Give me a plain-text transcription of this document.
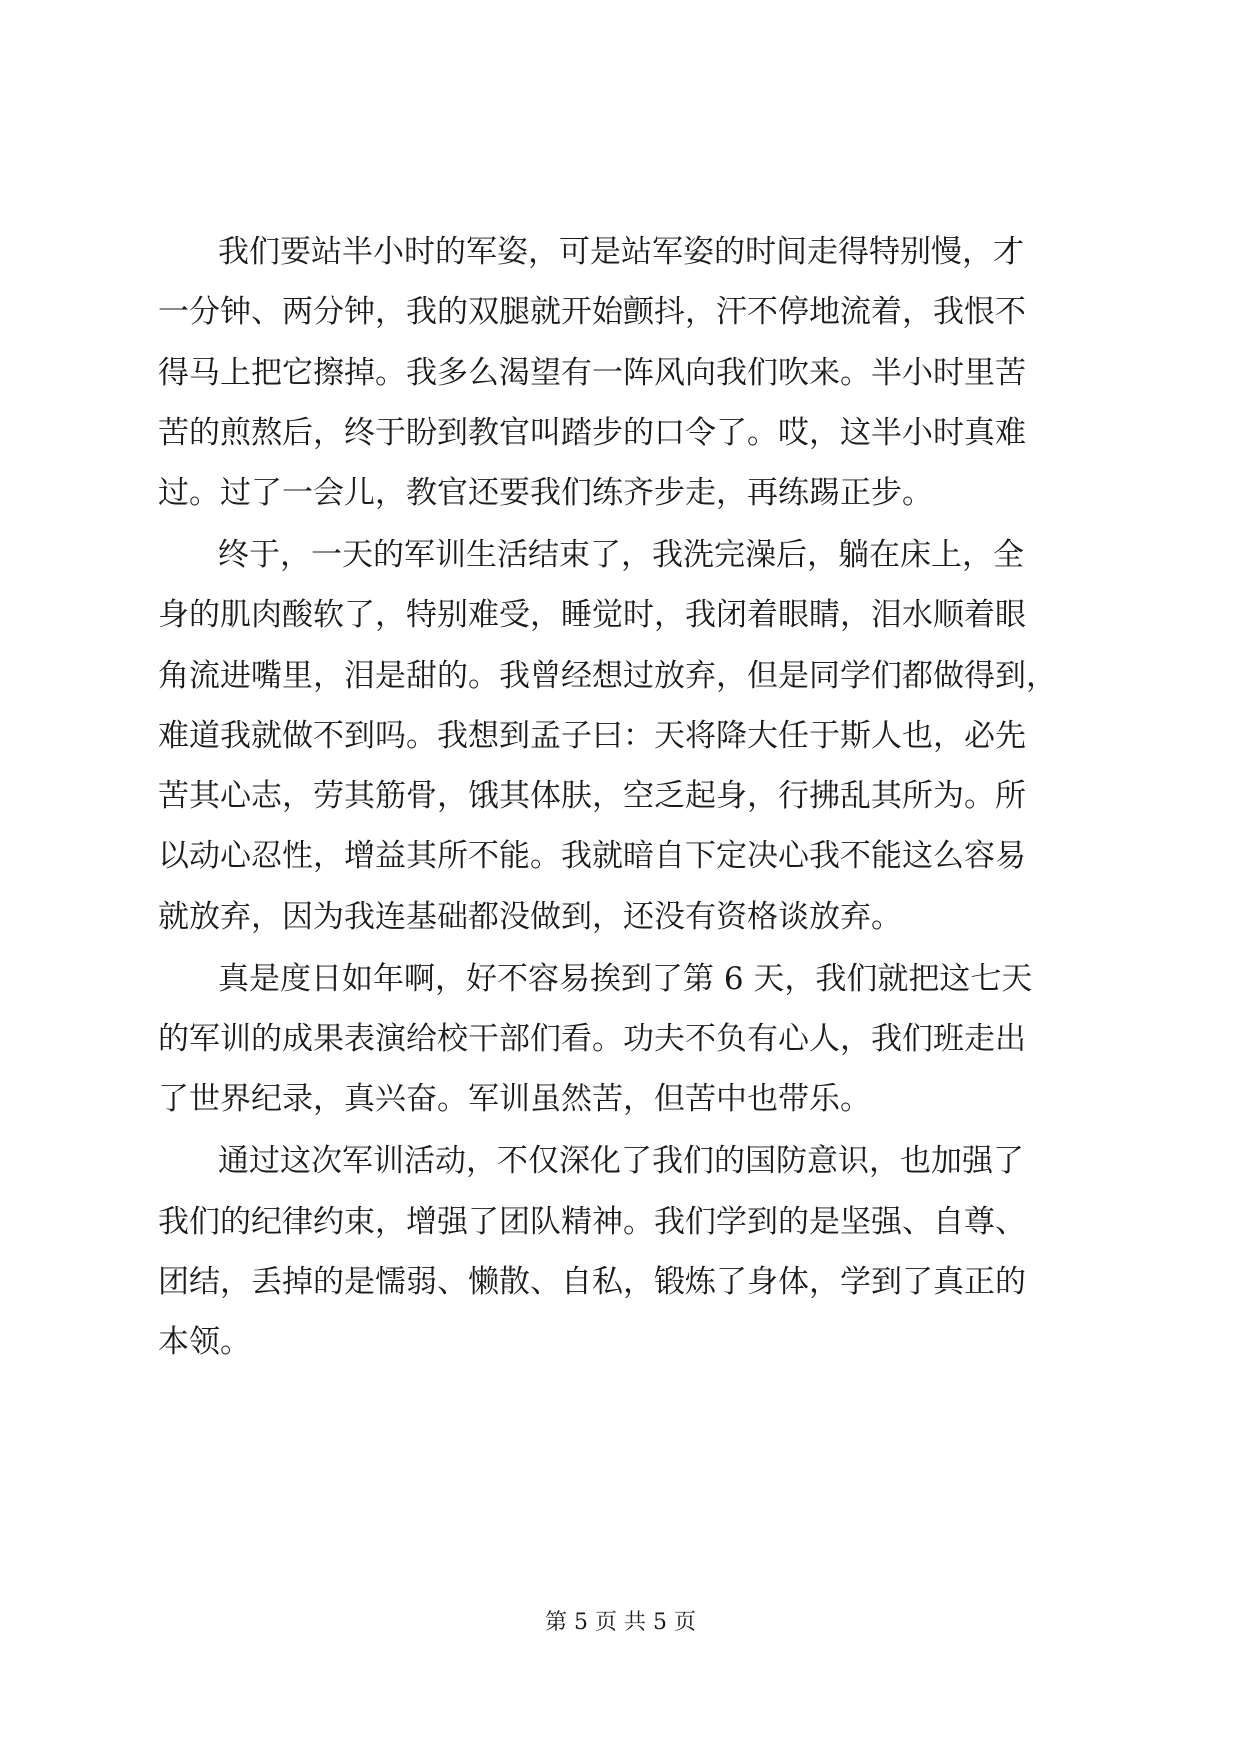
我们要站半小时的军姿，可是站军姿的时间走得特别慢，才
一分钟、两分钟，我的双腿就开始颤抖，汗不停地流着，我恨不
得马上把它擦掉。我多么渴望有一阵风向我们吹来。半小时里苦
苦的煎熬后，终于盼到教官叫踏步的口令了。哎，这半小时真难
过。过了一会儿，教官还要我们练齐步走，再练踢正步。
终于，一天的军训生活结束了，我洗完澡后，躺在床上，全
身的肌肉酸软了，特别难受，睡觉时，我闭着眼睛，泪水顺着眼
角流进嘴里，泪是甜的。我曾经想过放弃，但是同学们都做得到，
难道我就做不到吗。我想到孟子曰：天将降大任于斯人也，必先
苦其心志，劳其筋骨，饿其体肤，空乏起身，行拂乱其所为。所
以动心忍性，增益其所不能。我就暗自下定决心我不能这么容易
就放弃，因为我连基础都没做到，还没有资格谈放弃。
真是度日如年啊，好不容易挨到了第 6 天，我们就把这七天
的军训的成果表演给校干部们看。功夫不负有心人，我们班走出
了世界纪录，真兴奋。军训虽然苦，但苦中也带乐。
通过这次军训活动，不仅深化了我们的国防意识，也加强了
我们的纪律约束，增强了团队精神。我们学到的是坚强、自尊、
团结，丢掉的是懦弱、懒散、自私，锻炼了身体，学到了真正的
本领。
第 5 页 共 5 页
